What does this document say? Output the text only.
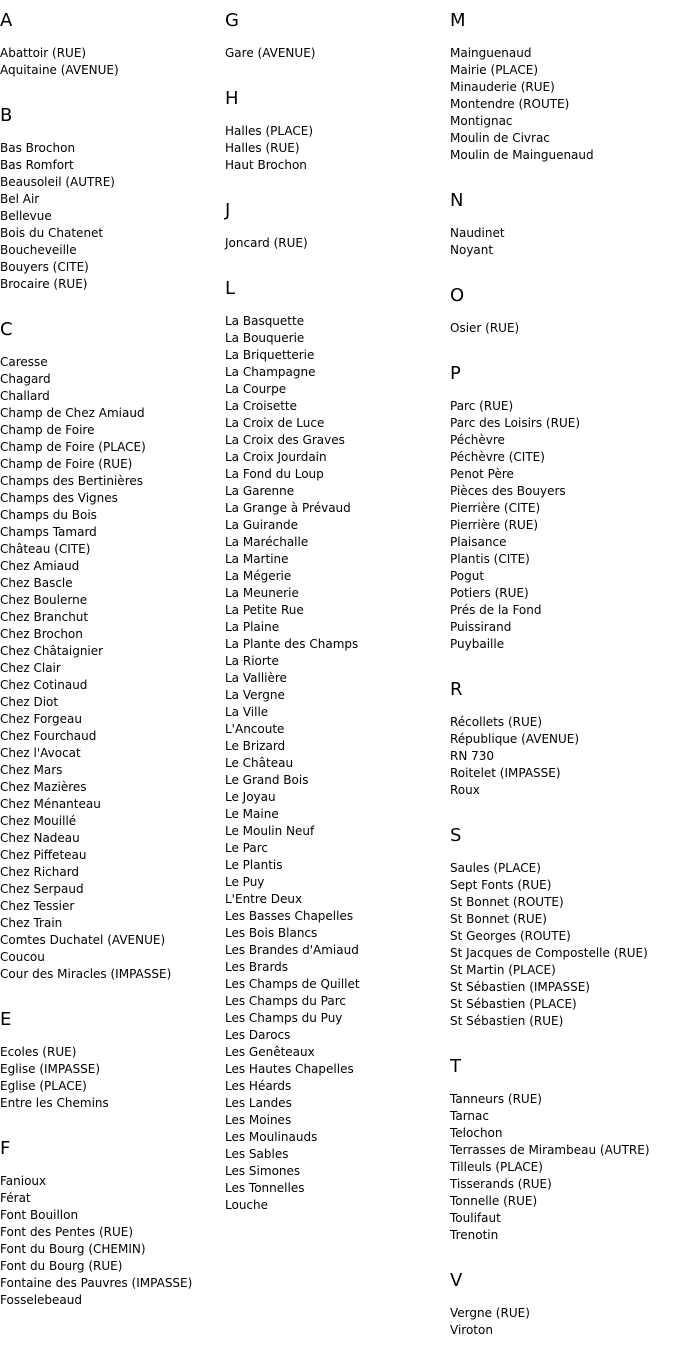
A
Abattoir (RUE)
Aquitaine (AVENUE)
B
Bas Brochon
Bas Romfort
Beausoleil (AUTRE)
Bel Air
Bellevue
Bois du Chatenet
Boucheveille
Bouyers (CITE)
Brocaire (RUE)
C
Caresse
Chagard
Challard
Champ de Chez Amiaud
Champ de Foire
Champ de Foire (PLACE)
Champ de Foire (RUE)
Champs des Bertinières
Champs des Vignes
Champs du Bois
Champs Tamard
Château (CITE)
Chez Amiaud
Chez Bascle
Chez Boulerne
Chez Branchut
Chez Brochon
Chez Châtaignier
Chez Clair
Chez Cotinaud
Chez Diot
Chez Forgeau
Chez Fourchaud
Chez l'Avocat
Chez Mars
Chez Mazières
Chez Ménanteau
Chez Mouillé
Chez Nadeau
Chez Piffeteau
Chez Richard
Chez Serpaud
Chez Tessier
Chez Train
Comtes Duchatel (AVENUE)
Coucou
Cour des Miracles (IMPASSE)
E
Ecoles (RUE)
Eglise (IMPASSE)
Eglise (PLACE)
Entre les Chemins
F
Fanioux
Férat
Font Bouillon
Font des Pentes (RUE)
Font du Bourg (CHEMIN)
Font du Bourg (RUE)
Fontaine des Pauvres (IMPASSE)
Fosselebeaud
G
Gare (AVENUE)
H
Halles (PLACE)
Halles (RUE)
Haut Brochon
J
Joncard (RUE)
L
La Basquette
La Bouquerie
La Briquetterie
La Champagne
La Courpe
La Croisette
La Croix de Luce
La Croix des Graves
La Croix Jourdain
La Fond du Loup
La Garenne
La Grange à Prévaud
La Guirande
La Maréchalle
La Martine
La Mégerie
La Meunerie
La Petite Rue
La Plaine
La Plante des Champs
La Riorte
La Vallière
La Vergne
La Ville
L'Ancoute
Le Brizard
Le Château
Le Grand Bois
Le Joyau
Le Maine
Le Moulin Neuf
Le Parc
Le Plantis
Le Puy
L'Entre Deux
Les Basses Chapelles
Les Bois Blancs
Les Brandes d'Amiaud
Les Brards
Les Champs de Quillet
Les Champs du Parc
Les Champs du Puy
Les Darocs
Les Genêteaux
Les Hautes Chapelles
Les Héards
Les Landes
Les Moines
Les Moulinauds
Les Sables
Les Simones
Les Tonnelles
Louche
M
Mainguenaud
Mairie (PLACE)
Minauderie (RUE)
Montendre (ROUTE)
Montignac
Moulin de Civrac
Moulin de Mainguenaud
N
Naudinet
Noyant
O
Osier (RUE)
P
Parc (RUE)
Parc des Loisirs (RUE)
Péchèvre
Péchèvre (CITE)
Penot Père
Pièces des Bouyers
Pierrière (CITE)
Pierrière (RUE)
Plaisance
Plantis (CITE)
Pogut
Potiers (RUE)
Prés de la Fond
Puissirand
Puybaille
R
Récollets (RUE)
République (AVENUE)
RN 730
Roitelet (IMPASSE)
Roux
S
Saules (PLACE)
Sept Fonts (RUE)
St Bonnet (ROUTE)
St Bonnet (RUE)
St Georges (ROUTE)
St Jacques de Compostelle (RUE)
St Martin (PLACE)
St Sébastien (IMPASSE)
St Sébastien (PLACE)
St Sébastien (RUE)
T
Tanneurs (RUE)
Tarnac
Telochon
Terrasses de Mirambeau (AUTRE)
Tilleuls (PLACE)
Tisserands (RUE)
Tonnelle (RUE)
Toulifaut
Trenotin
V
Vergne (RUE)
Viroton
